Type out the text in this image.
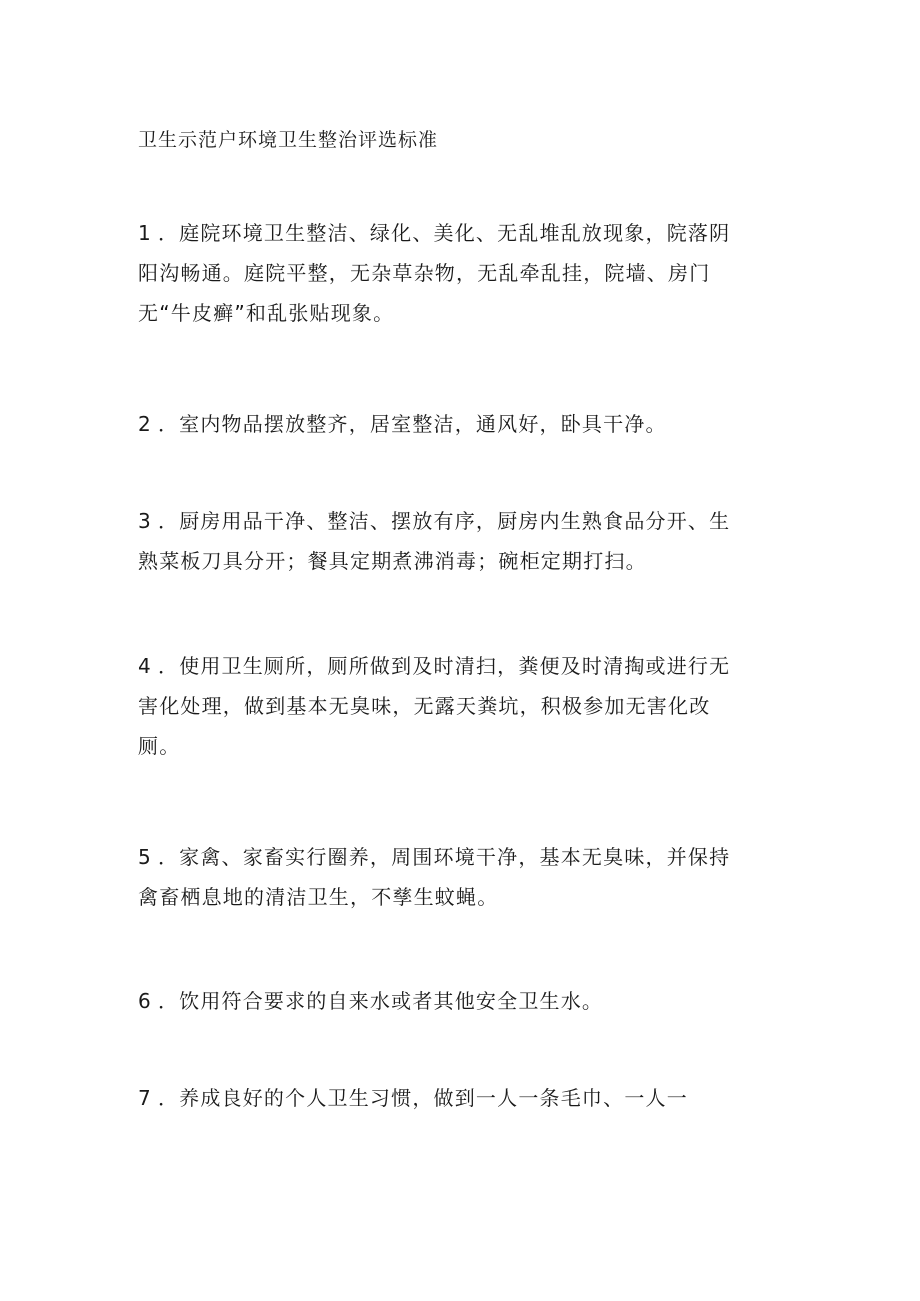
卫生示范户环境卫生整治评选标准
1 ．庭院环境卫生整洁、绿化、美化、无乱堆乱放现象，院落阴
阳沟畅通。庭院平整，无杂草杂物，无乱牵乱挂，院墙、房门
无“牛皮癣”和乱张贴现象。
2 ．室内物品摆放整齐，居室整洁，通风好，卧具干净。
3 ．厨房用品干净、整洁、摆放有序，厨房内生熟食品分开、生
熟菜板刀具分开；餐具定期煮沸消毒；碗柜定期打扫。
4 ．使用卫生厕所，厕所做到及时清扫，粪便及时清掏或进行无
害化处理，做到基本无臭味，无露天粪坑，积极参加无害化改
厕。
5 ．家禽、家畜实行圈养，周围环境干净，基本无臭味，并保持
禽畜栖息地的清洁卫生，不孳生蚊蝇。
6 ．饮用符合要求的自来水或者其他安全卫生水。
7 ．养成良好的个人卫生习惯，做到一人一条毛巾、一人一
